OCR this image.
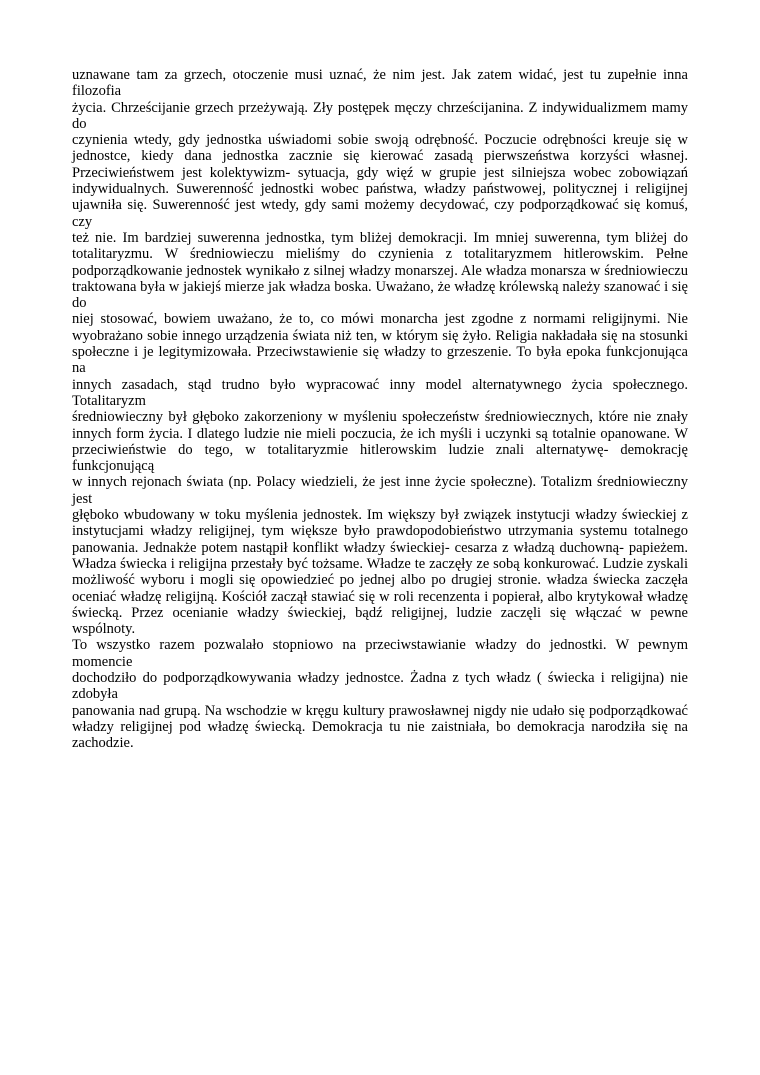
uznawane tam za grzech, otoczenie musi uznać, że nim jest. Jak zatem widać, jest tu zupełnie inna filozofia
życia. Chrześcijanie grzech przeżywają. Zły postępek męczy chrześcijanina. Z indywidualizmem mamy do
czynienia wtedy, gdy jednostka uświadomi sobie swoją odrębność. Poczucie odrębności kreuje się w
jednostce, kiedy dana jednostka zacznie się kierować zasadą pierwszeństwa korzyści własnej.
Przeciwieństwem jest kolektywizm- sytuacja, gdy więź w grupie jest silniejsza wobec zobowiązań
indywidualnych. Suwerenność jednostki wobec państwa, władzy państwowej, politycznej i religijnej
ujawniła się. Suwerenność jest wtedy, gdy sami możemy decydować, czy podporządkować się komuś, czy
też nie. Im bardziej suwerenna jednostka, tym bliżej demokracji. Im mniej suwerenna, tym bliżej do
totalitaryzmu. W średniowieczu mieliśmy do czynienia z totalitaryzmem hitlerowskim. Pełne
podporządkowanie jednostek wynikało z silnej władzy monarszej. Ale władza monarsza w średniowieczu
traktowana była w jakiejś mierze jak władza boska. Uważano, że władzę królewską należy szanować i się do
niej stosować, bowiem uważano, że to, co mówi monarcha jest zgodne z normami religijnymi. Nie
wyobrażano sobie innego urządzenia świata niż ten, w którym się żyło. Religia nakładała się na stosunki
społeczne i je legitymizowała. Przeciwstawienie się władzy to grzeszenie. To była epoka funkcjonująca na
innych zasadach, stąd trudno było wypracować inny model alternatywnego życia społecznego. Totalitaryzm
średniowieczny był głęboko zakorzeniony w myśleniu społeczeństw średniowiecznych, które nie znały
innych form życia. I dlatego ludzie nie mieli poczucia, że ich myśli i uczynki są totalnie opanowane. W
przeciwieństwie do tego, w totalitaryzmie hitlerowskim ludzie znali alternatywę- demokrację funkcjonującą
w innych rejonach świata (np. Polacy wiedzieli, że jest inne życie społeczne). Totalizm średniowieczny jest
głęboko wbudowany w toku myślenia jednostek. Im większy był związek instytucji władzy świeckiej z
instytucjami władzy religijnej, tym większe było prawdopodobieństwo utrzymania systemu totalnego
panowania. Jednakże potem nastąpił konflikt władzy świeckiej- cesarza z władzą duchowną- papieżem.
Władza świecka i religijna przestały być tożsame. Władze te zaczęły ze sobą konkurować. Ludzie zyskali
możliwość wyboru i mogli się opowiedzieć po jednej albo po drugiej stronie. władza świecka zaczęła
oceniać władzę religijną. Kościół zaczął stawiać się w roli recenzenta i popierał, albo krytykował władzę
świecką. Przez ocenianie władzy świeckiej, bądź religijnej, ludzie zaczęli się włączać w pewne wspólnoty.
To wszystko razem pozwalało stopniowo na przeciwstawianie władzy do jednostki. W pewnym momencie
dochodziło do podporządkowywania władzy jednostce. Żadna z tych władz ( świecka i religijna) nie zdobyła
panowania nad grupą. Na wschodzie w kręgu kultury prawosławnej nigdy nie udało się podporządkować
władzy religijnej pod władzę świecką. Demokracja tu nie zaistniała, bo demokracja narodziła się na
zachodzie.
